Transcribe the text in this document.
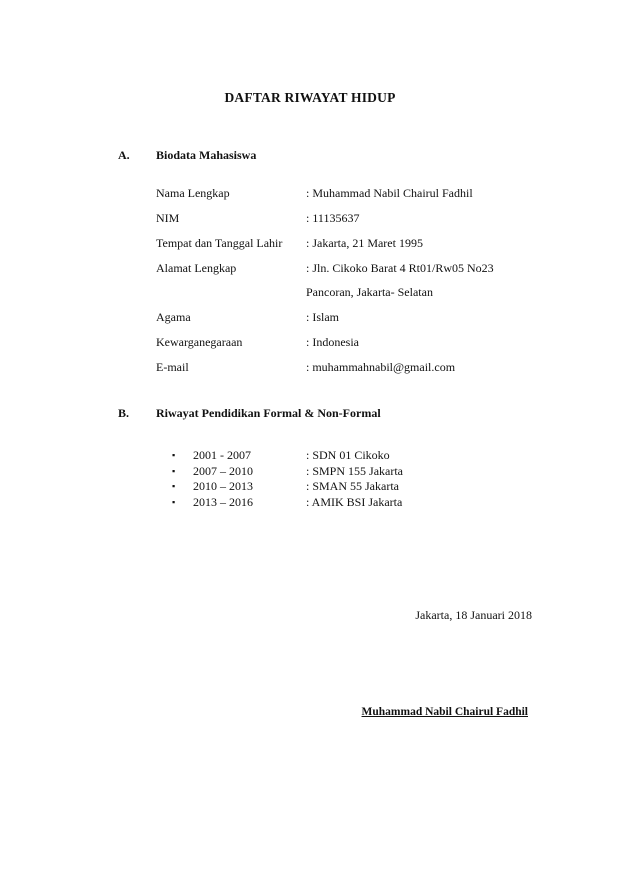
DAFTAR RIWAYAT HIDUP
A. Biodata Mahasiswa
Nama Lengkap	: Muhammad Nabil Chairul Fadhil
NIM	: 11135637
Tempat dan Tanggal Lahir : Jakarta, 21 Maret 1995
Alamat Lengkap	: Jln. Cikoko Barat 4 Rt01/Rw05 No23
Pancoran, Jakarta- Selatan
Agama	: Islam
Kewarganegaraan	: Indonesia
E-mail	: muhammahnabil@gmail.com
B. Riwayat Pendidikan Formal & Non-Formal
▪ 2001 - 2007	: SDN 01 Cikoko
▪ 2007 – 2010	: SMPN 155 Jakarta
▪ 2010 – 2013	: SMAN 55 Jakarta
▪ 2013 – 2016	: AMIK BSI Jakarta
Jakarta, 18 Januari 2018
Muhammad Nabil Chairul Fadhil
